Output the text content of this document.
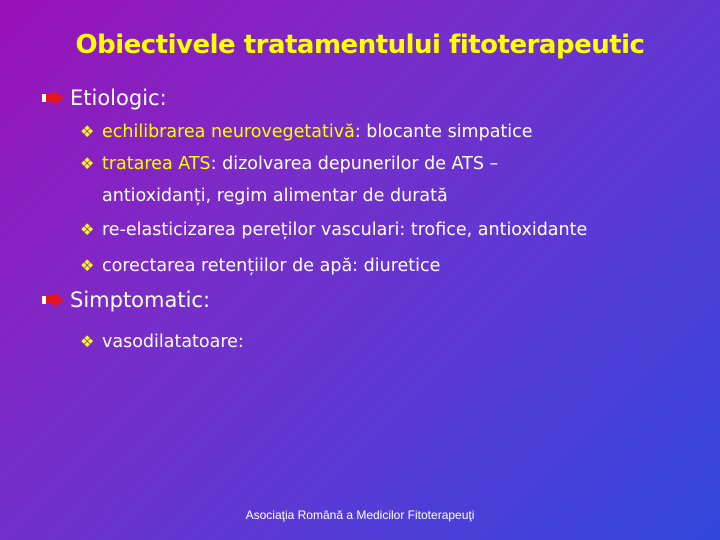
Obiectivele tratamentului fitoterapeutic
Etiologic:
❖ echilibrarea neurovegetativă: blocante simpatice
❖ tratarea ATS: dizolvarea depunerilor de ATS –
antioxidanți, regim alimentar de durată
❖ re-elasticizarea pereților vasculari: trofice, antioxidante
❖ corectarea retențiilor de apă: diuretice
Simptomatic:
❖ vasodilatatoare:
Asociaţia Română a Medicilor Fitoterapeuţi
